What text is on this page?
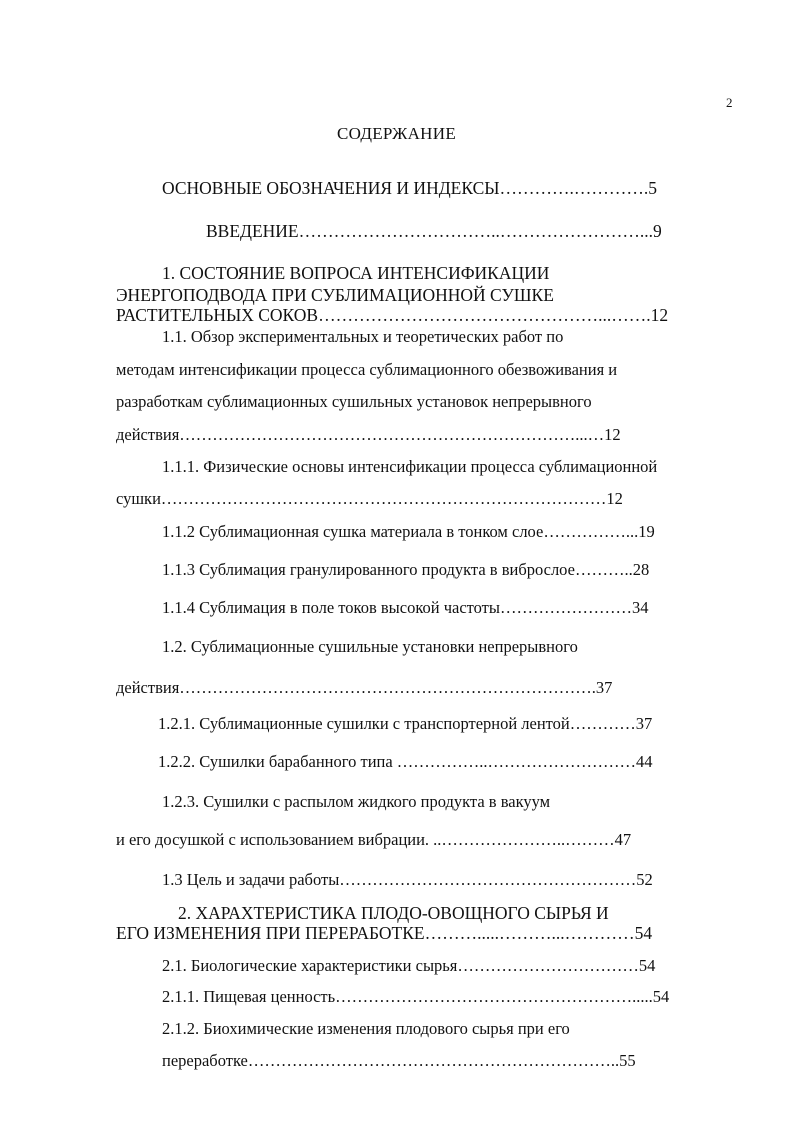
2
СОДЕРЖАНИЕ
ОСНОВНЫЕ ОБОЗНАЧЕНИЯ И ИНДЕКСЫ………….………….5
ВВЕДЕНИЕ……………………………..……………………...9
1. СОСТОЯНИЕ ВОПРОСА ИНТЕНСИФИКАЦИИ
ЭНЕРГОПОДВОДА ПРИ СУБЛИМАЦИОННОЙ СУШКЕ
РАСТИТЕЛЬНЫХ СОКОВ…………………………………………...…….12
1.1. Обзор экспериментальных и теоретических работ по
методам интенсификации процесса сублимационного обезвоживания и
разработкам сублимационных сушильных установок непрерывного
действия………………………………………………………………...…12
1.1.1. Физические основы интенсификации процесса сублимационной
сушки………………………………………………………………………12
1.1.2 Сублимационная сушка материала в тонком слое……………...19
1.1.3 Сублимация гранулированного продукта в виброслое………..28
1.1.4 Сублимация в поле токов высокой частоты……………………34
1.2. Сублимационные сушильные установки непрерывного
действия………………………………………………………………….37
1.2.1. Сублимационные сушилки с транспортерной лентой…………37
1.2.2. Сушилки барабанного типа ……………..………………………44
1.2.3. Сушилки с распылом жидкого продукта в вакуум
и его досушкой с использованием вибрации. ..…………………..………47
1.3 Цель и задачи работы………………………………………………52
2. ХАРАХТЕРИСТИКА ПЛОДО-ОВОЩНОГО СЫРЬЯ И
ЕГО ИЗМЕНЕНИЯ ПРИ ПЕРЕРАБОТКЕ……….....………...…………54
2.1. Биологические характеристики сырья……………………………54
2.1.1. Пищевая ценность……………………………………………….....54
2.1.2. Биохимические изменения плодового сырья при его
переработке…………………………………………………………..55
